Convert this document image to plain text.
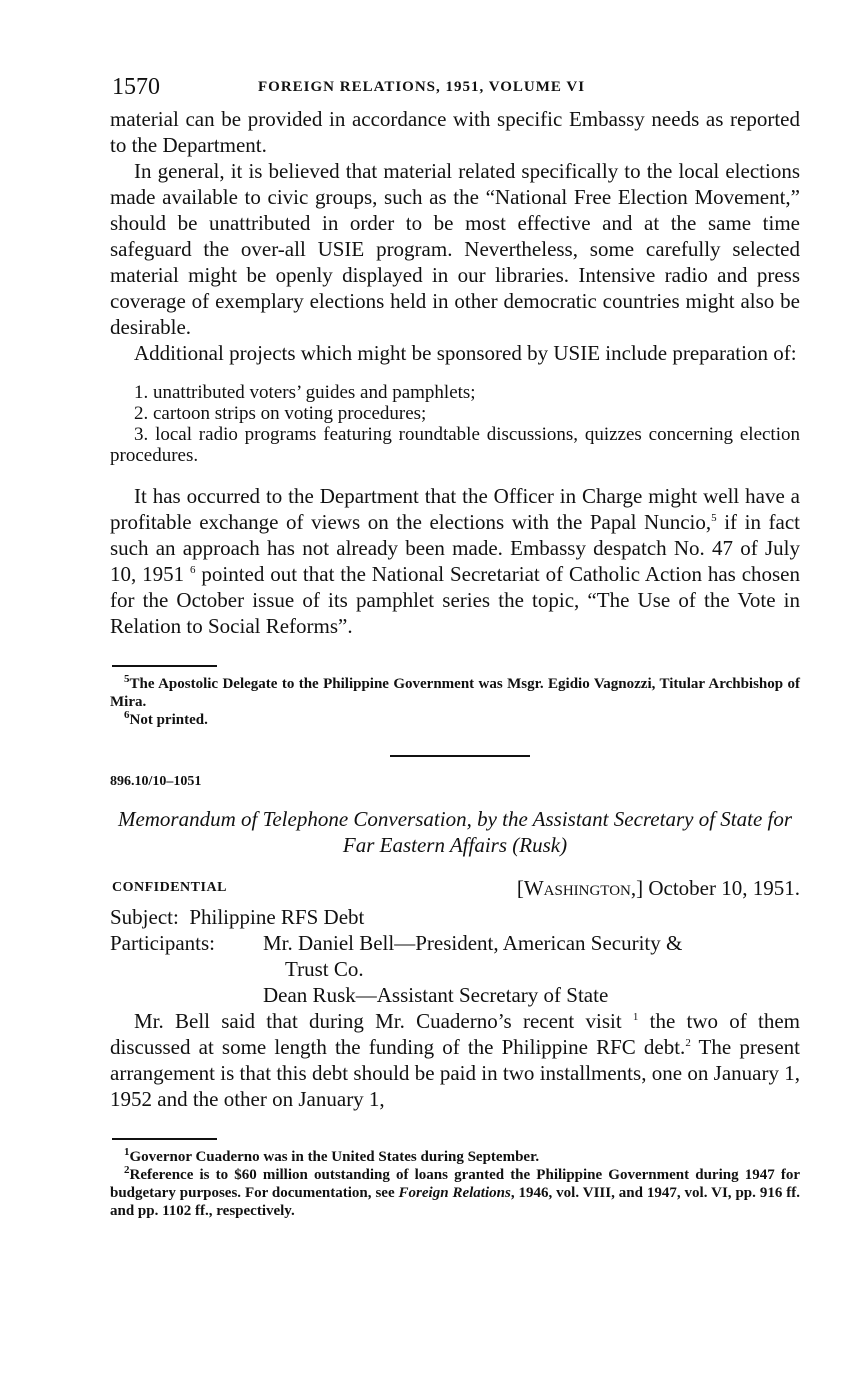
1570	FOREIGN RELATIONS, 1951, VOLUME VI

material can be provided in accordance with specific Embassy needs as reported to the Department.

In general, it is believed that material related specifically to the local elections made available to civic groups, such as the “National Free Election Movement,” should be unattributed in order to be most effective and at the same time safeguard the over-all USIE program. Nevertheless, some carefully selected material might be openly displayed in our libraries. Intensive radio and press coverage of exemplary elections held in other democratic countries might also be desirable.

Additional projects which might be sponsored by USIE include preparation of:

1. unattributed voters’ guides and pamphlets;
2. cartoon strips on voting procedures;
3. local radio programs featuring roundtable discussions, quizzes concerning election procedures.

It has occurred to the Department that the Officer in Charge might well have a profitable exchange of views on the elections with the Papal Nuncio,$^5$ if in fact such an approach has not already been made. Embassy despatch No. 47 of July 10, 1951 $^6$ pointed out that the National Secretariat of Catholic Action has chosen for the October issue of its pamphlet series the topic, “The Use of the Vote in Relation to Social Reforms”.

$^5$The Apostolic Delegate to the Philippine Government was Msgr. Egidio Vagnozzi, Titular Archbishop of Mira.
$^6$Not printed.
896.10/10–1051
Memorandum of Telephone Conversation, by the Assistant Secretary of State for Far Eastern Affairs (Rusk)
CONFIDENTIAL	[Washington,] October 10, 1951.
Subject: Philippine RFS Debt
Participants: Mr. Daniel Bell—President, American Security &
Trust Co.
Dean Rusk—Assistant Secretary of State

Mr. Bell said that during Mr. Cuaderno’s recent visit $^1$ the two of them discussed at some length the funding of the Philippine RFC debt.$^2$ The present arrangement is that this debt should be paid in two installments, one on January 1, 1952 and the other on January 1,

$^1$Governor Cuaderno was in the United States during September.
$^2$Reference is to $60 million outstanding of loans granted the Philippine Government during 1947 for budgetary purposes. For documentation, see Foreign Relations, 1946, vol. VIII, and 1947, vol. VI, pp. 916 ff. and pp. 1102 ff., respectively.
